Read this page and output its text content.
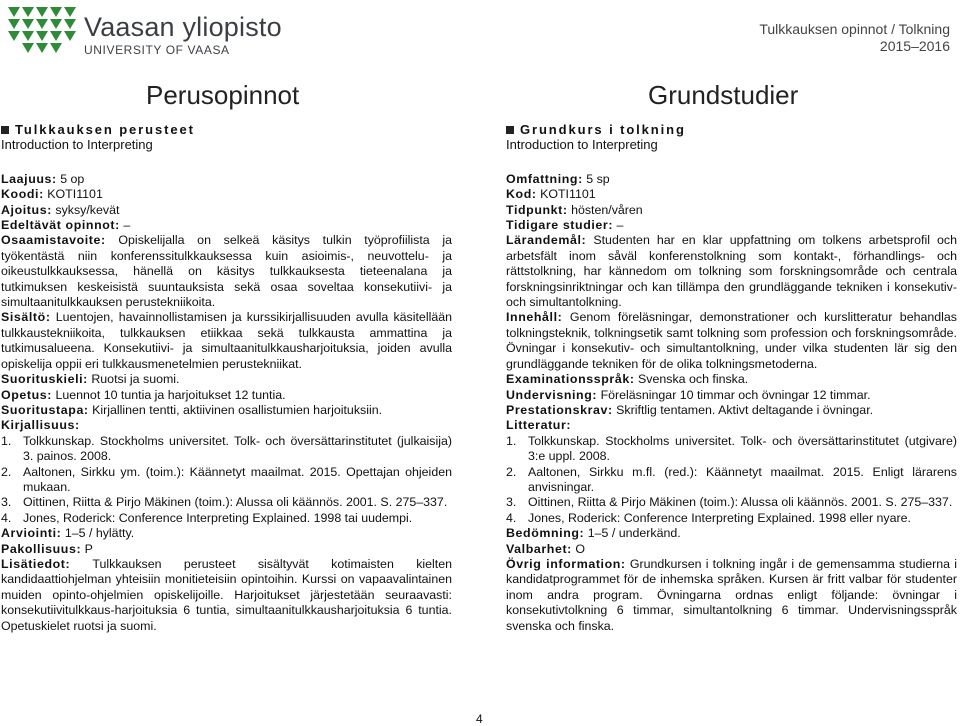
Vaasan yliopisto
UNIVERSITY OF VAASA
Tulkkauksen opinnot / Tolkning
2015–2016
Perusopinnot	Grundstudier
Tulkkauksen perusteet
Introduction to Interpreting

Laajuus: 5 op

Koodi: KOTI1101

Ajoitus: syksy/kevät

Edeltävät opinnot: –

Osaamistavoite: Opiskelijalla on selkeä käsitys tulkin työprofiilista ja työkentästä niin konferenssitulkkauksessa kuin asioimis-, neuvottelu- ja oikeustulkkauksessa, hänellä on käsitys tulkkauksesta tieteenalana ja tutkimuksen keskeisistä suuntauksista sekä osaa soveltaa konsekutiivi- ja simultaanitulkkauksen perustekniikoita.

Sisältö: Luentojen, havainnollistamisen ja kurssikirjallisuuden avulla käsitellään tulkkaustekniikoita, tulkkauksen etiikkaa sekä tulkkausta ammattina ja tutkimusalueena. Konsekutiivi- ja simultaanitulkkausharjoituksia, joiden avulla opiskelija oppii eri tulkkausmenetelmien perustekniikat.

Suorituskieli: Ruotsi ja suomi.

Opetus: Luennot 10 tuntia ja harjoitukset 12 tuntia.

Suoritustapa: Kirjallinen tentti, aktiivinen osallistumien harjoituksiin.

Kirjallisuus:

1. Tolkkunskap. Stockholms universitet. Tolk- och översättarinstitutet (julkaisija) 3. painos. 2008.
2. Aaltonen, Sirkku ym. (toim.): Käännetyt maailmat. 2015. Opettajan ohjeiden mukaan.
3. Oittinen, Riitta & Pirjo Mäkinen (toim.): Alussa oli käännös. 2001. S. 275–337.
4. Jones, Roderick: Conference Interpreting Explained. 1998 tai uudempi.

Arviointi: 1–5 / hylätty.

Pakollisuus: P

Lisätiedot: Tulkkauksen perusteet sisältyvät kotimaisten kielten kandidaattiohjelman yhteisiin monitieteisiin opintoihin. Kurssi on vapaavalintainen muiden opinto-ohjelmien opiskelijoille. Harjoitukset järjestetään seuraavasti: konsekutiivitulkkaus-harjoituksia 6 tuntia, simultaanitulkkausharjoituksia 6 tuntia. Opetuskielet ruotsi ja suomi.

Grundkurs i tolkning
Introduction to Interpreting

Omfattning: 5 sp

Kod: KOTI1101

Tidpunkt: hösten/våren

Tidigare studier: –

Lärandemål: Studenten har en klar uppfattning om tolkens arbetsprofil och arbetsfält inom såväl konferenstolkning som kontakt-, förhandlings- och rättstolkning, har kännedom om tolkning som forskningsområde och centrala forskningsinriktningar och kan tillämpa den grundläggande tekniken i konsekutiv- och simultantolkning.

Innehåll: Genom föreläsningar, demonstrationer och kurslitteratur behandlas tolkningsteknik, tolkningsetik samt tolkning som profession och forskningsområde. Övningar i konsekutiv- och simultantolkning, under vilka studenten lär sig den grundläggande tekniken för de olika tolkningsmetoderna.

Examinationsspråk: Svenska och finska.

Undervisning: Föreläsningar 10 timmar och övningar 12 timmar.

Prestationskrav: Skriftlig tentamen. Aktivt deltagande i övningar.

Litteratur:

1. Tolkkunskap. Stockholms universitet. Tolk- och översättarinstitutet (utgivare) 3:e uppl. 2008.
2. Aaltonen, Sirkku m.fl. (red.): Käännetyt maailmat. 2015. Enligt lärarens anvisningar.
3. Oittinen, Riitta & Pirjo Mäkinen (toim.): Alussa oli käännös. 2001. S. 275–337.
4. Jones, Roderick: Conference Interpreting Explained. 1998 eller nyare.

Bedömning: 1–5 / underkänd.

Valbarhet: O

Övrig information: Grundkursen i tolkning ingår i de gemensamma studierna i kandidatprogrammet för de inhemska språken. Kursen är fritt valbar för studenter inom andra program. Övningarna ordnas enligt följande: övningar i konsekutivtolkning 6 timmar, simultantolkning 6 timmar. Undervisningsspråk svenska och finska.

4
